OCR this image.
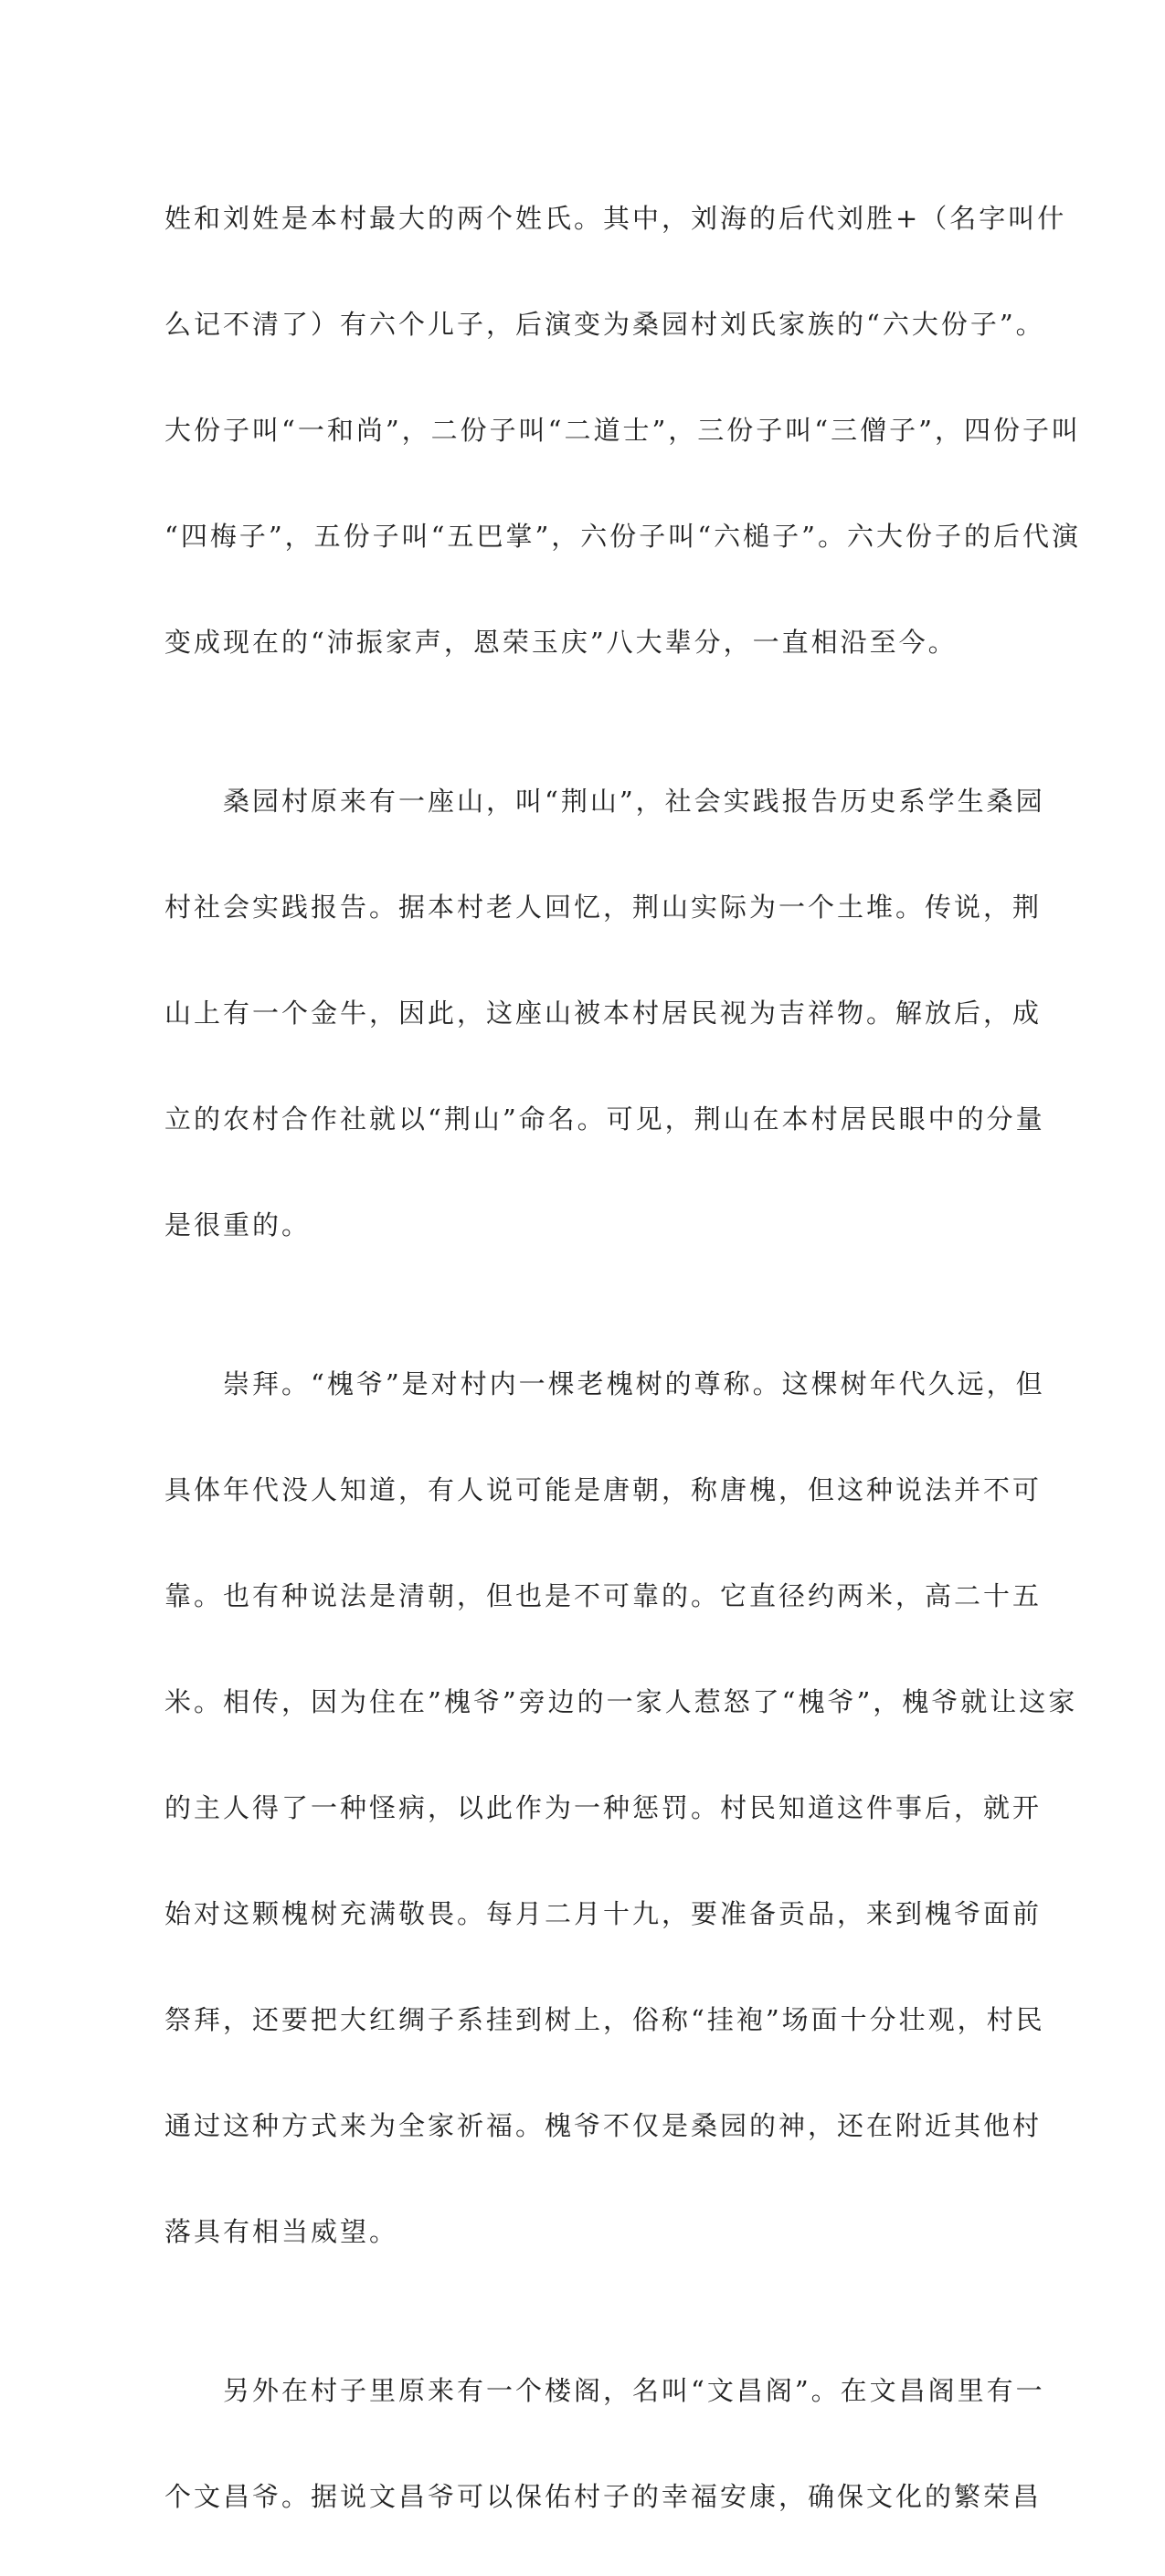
姓和刘姓是本村最大的两个姓氏。其中，刘海的后代刘胜+（名字叫什

么记不清了）有六个儿子，后演变为桑园村刘氏家族的“六大份子”。

大份子叫“一和尚”，二份子叫“二道士”，三份子叫“三僧子”，四份子叫

“四梅子”，五份子叫“五巴掌”，六份子叫“六槌子”。六大份子的后代演

变成现在的“沛振家声，恩荣玉庆”八大辈分，一直相沿至今。

　　桑园村原来有一座山，叫“荆山”，社会实践报告历史系学生桑园

村社会实践报告。据本村老人回忆，荆山实际为一个土堆。传说，荆

山上有一个金牛，因此，这座山被本村居民视为吉祥物。解放后，成

立的农村合作社就以“荆山”命名。可见，荆山在本村居民眼中的分量

是很重的。

　　崇拜。“槐爷”是对村内一棵老槐树的尊称。这棵树年代久远，但

具体年代没人知道，有人说可能是唐朝，称唐槐，但这种说法并不可

靠。也有种说法是清朝，但也是不可靠的。它直径约两米，高二十五

米。相传，因为住在”槐爷”旁边的一家人惹怒了“槐爷”，槐爷就让这家

的主人得了一种怪病，以此作为一种惩罚。村民知道这件事后，就开

始对这颗槐树充满敬畏。每月二月十九，要准备贡品，来到槐爷面前

祭拜，还要把大红绸子系挂到树上，俗称“挂袍”场面十分壮观，村民

通过这种方式来为全家祈福。槐爷不仅是桑园的神，还在附近其他村

落具有相当威望。

　　另外在村子里原来有一个楼阁，名叫“文昌阁”。在文昌阁里有一

个文昌爷。据说文昌爷可以保佑村子的幸福安康，确保文化的繁荣昌
